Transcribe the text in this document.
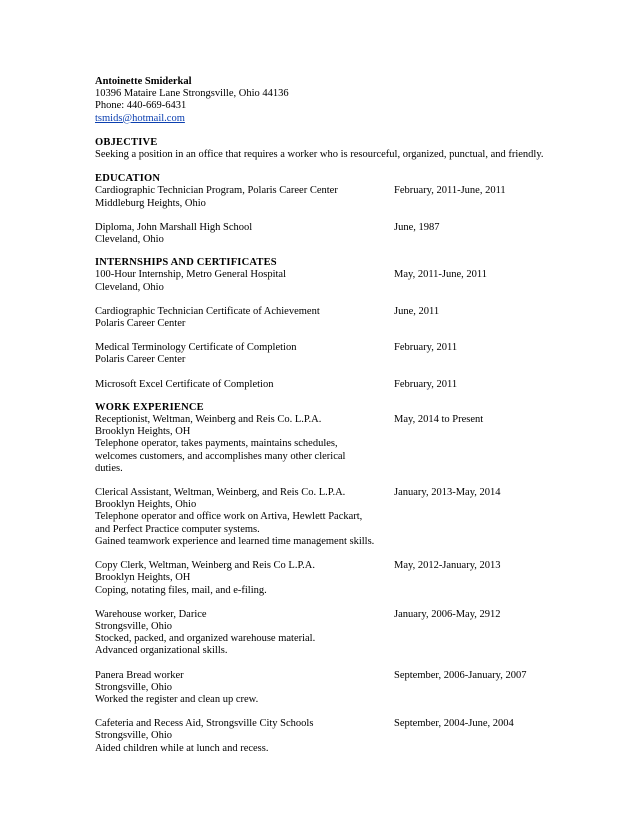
Antoinette Smiderkal
10396 Mataire Lane Strongsville, Ohio 44136
Phone: 440-669-6431
tsmids@hotmail.com
OBJECTIVE
Seeking a position in an office that requires a worker who is resourceful, organized, punctual, and friendly.
EDUCATION
Cardiographic Technician Program, Polaris Career Center	February, 2011-June, 2011
Middleburg Heights, Ohio
Diploma, John Marshall High School	June, 1987
Cleveland, Ohio
INTERNSHIPS AND CERTIFICATES
100-Hour Internship, Metro General Hospital	May, 2011-June, 2011
Cleveland, Ohio
Cardiographic Technician Certificate of Achievement	June, 2011
Polaris Career Center
Medical Terminology Certificate of Completion	February, 2011
Polaris Career Center
Microsoft Excel Certificate of Completion	February, 2011
WORK EXPERIENCE
Receptionist, Weltman, Weinberg and Reis Co. L.P.A.	May, 2014 to Present
Brooklyn Heights, OH
Telephone operator, takes payments, maintains schedules,
welcomes customers, and accomplishes many other clerical
duties.
Clerical Assistant, Weltman, Weinberg, and Reis Co. L.P.A.	January, 2013-May, 2014
Brooklyn Heights, Ohio
Telephone operator and office work on Artiva, Hewlett Packart,
and Perfect Practice computer systems.
Gained teamwork experience and learned time management skills.
Copy Clerk, Weltman, Weinberg and Reis Co L.P.A.	May, 2012-January, 2013
Brooklyn Heights, OH
Coping, notating files, mail, and e-filing.
Warehouse worker, Darice	January, 2006-May, 2912
Strongsville, Ohio
Stocked, packed, and organized warehouse material.
Advanced organizational skills.
Panera Bread worker	September, 2006-January, 2007
Strongsville, Ohio
Worked the register and clean up crew.
Cafeteria and Recess Aid, Strongsville City Schools	September, 2004-June, 2004
Strongsville, Ohio
Aided children while at lunch and recess.
